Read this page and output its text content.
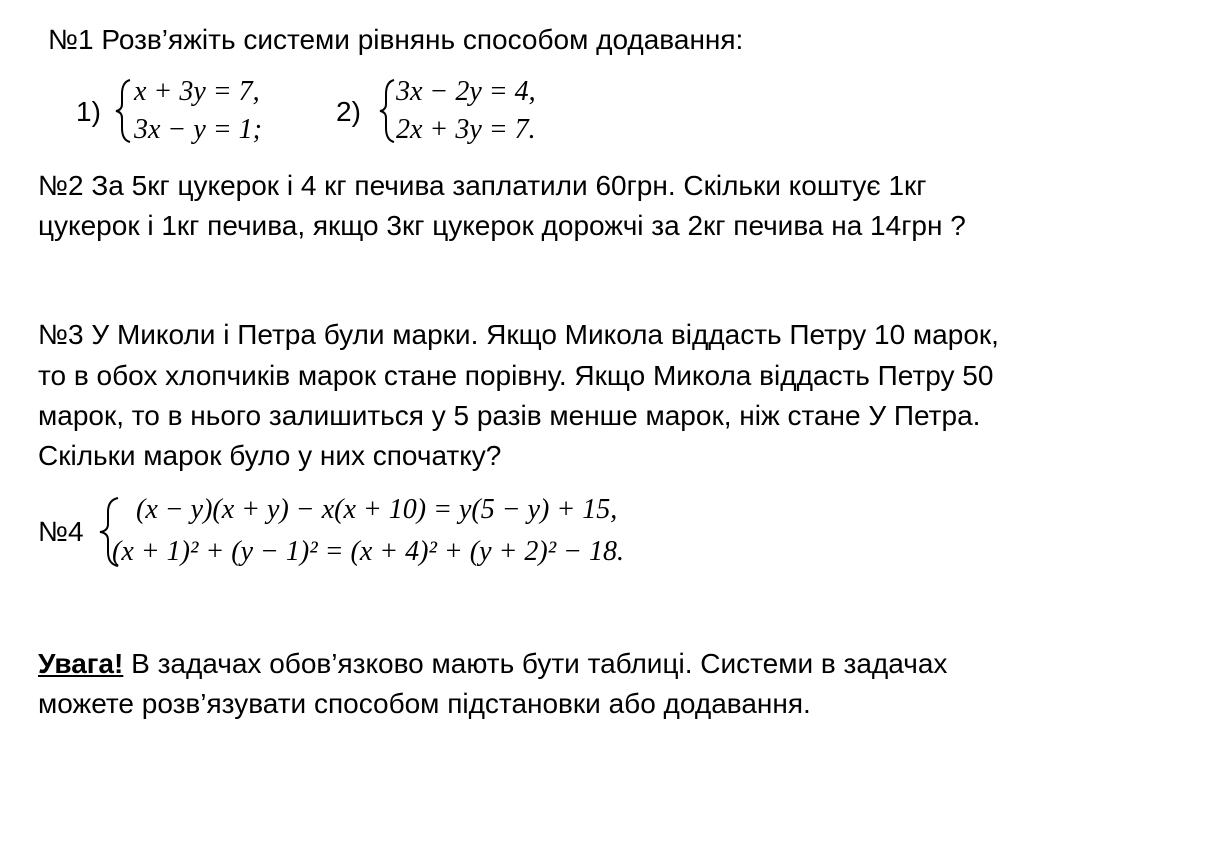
№1 Розв’яжіть системи рівнянь способом додавання:
1)
x + 3y = 7,
3x − y = 1;
2)
3x − 2y = 4,
2x + 3y = 7.
№2 За 5кг цукерок і 4 кг печива заплатили 60грн. Скільки коштує 1кг
цукерок і 1кг печива, якщо 3кг цукерок дорожчі за 2кг печива на 14грн ?
№3 У Миколи і Петра були марки. Якщо Микола віддасть Петру 10 марок,
то в обох хлопчиків марок стане порівну. Якщо Микола віддасть Петру 50
марок, то в нього залишиться у 5 разів менше марок, ніж стане У Петра.
Скільки марок було у них спочатку?
№4
(x − y)(x + y) − x(x + 10) = y(5 − y) + 15,
(x + 1)² + (y − 1)² = (x + 4)² + (y + 2)² − 18.
Увага! В задачах обов’язково мають бути таблиці. Системи в задачах
можете розв’язувати способом підстановки або додавання.
